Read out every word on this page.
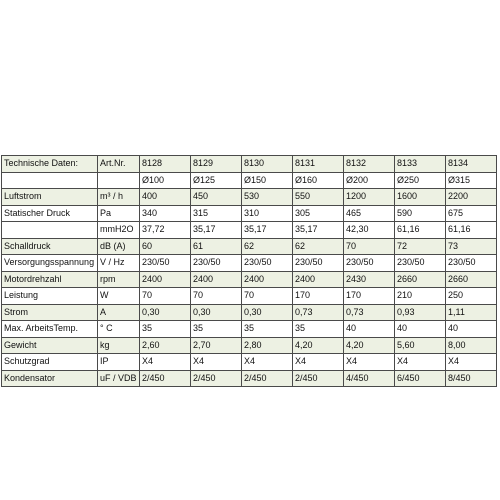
Technische Daten:	Art.Nr.	8128	8129	8130	8131	8132	8133	8134
		Ø100	Ø125	Ø150	Ø160	Ø200	Ø250	Ø315
Luftstrom	m³ / h	400	450	530	550	1200	1600	2200
Statischer Druck	Pa	340	315	310	305	465	590	675
	mmH2O	37,72	35,17	35,17	35,17	42,30	61,16	61,16
Schalldruck	dB (A)	60	61	62	62	70	72	73
Versorgungsspannung	V / Hz	230/50	230/50	230/50	230/50	230/50	230/50	230/50
Motordrehzahl	rpm	2400	2400	2400	2400	2430	2660	2660
Leistung	W	70	70	70	170	170	210	250
Strom	A	0,30	0,30	0,30	0,73	0,73	0,93	1,11
Max. ArbeitsTemp.	° C	35	35	35	35	40	40	40
Gewicht	kg	2,60	2,70	2,80	4,20	4,20	5,60	8,00
Schutzgrad	IP	X4	X4	X4	X4	X4	X4	X4
Kondensator	uF / VDB	2/450	2/450	2/450	2/450	4/450	6/450	8/450
